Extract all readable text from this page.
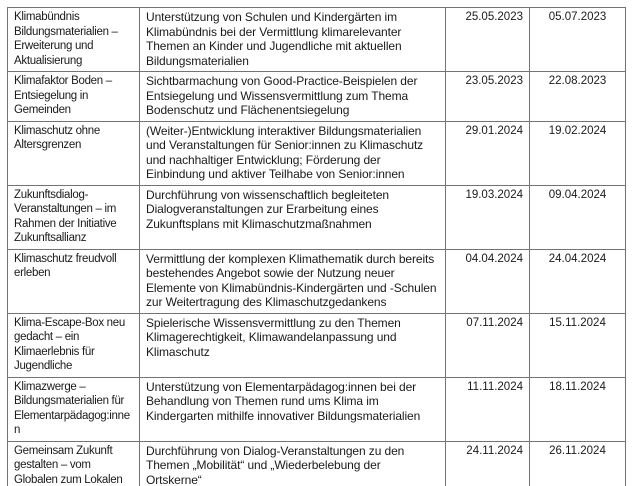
Klimabündnis Bildungsmaterialien – Erweiterung und Aktualisierung	Unterstützung von Schulen und Kindergärten im Klimabündnis bei der Vermittlung klimarelevanter Themen an Kinder und Jugendliche mit aktuellen Bildungsmaterialien	25.05.2023	05.07.2023
Klimafaktor Boden – Entsiegelung in Gemeinden	Sichtbarmachung von Good-Practice-Beispielen der Entsiegelung und Wissensvermittlung zum Thema Bodenschutz und Flächenentsiegelung	23.05.2023	22.08.2023
Klimaschutz ohne Altersgrenzen	(Weiter-)Entwicklung interaktiver Bildungsmaterialien und Veranstaltungen für Senior:innen zu Klimaschutz und nachhaltiger Entwicklung; Förderung der Einbindung und aktiver Teilhabe von Senior:innen	29.01.2024	19.02.2024
Zukunftsdialog-Veranstaltungen – im Rahmen der Initiative Zukunftsallianz	Durchführung von wissenschaftlich begleiteten Dialogveranstaltungen zur Erarbeitung eines Zukunftsplans mit Klimaschutzmaßnahmen	19.03.2024	09.04.2024
Klimaschutz freudvoll erleben	Vermittlung der komplexen Klimathematik durch bereits bestehendes Angebot sowie der Nutzung neuer Elemente von Klimabündnis-Kindergärten und -Schulen zur Weitertragung des Klimaschutzgedankens	04.04.2024	24.04.2024
Klima-Escape-Box neu gedacht – ein Klimaerlebnis für Jugendliche	Spielerische Wissensvermittlung zu den Themen Klimagerechtigkeit, Klimawandelanpassung und Klimaschutz	07.11.2024	15.11.2024
Klimazwerge – Bildungsmaterialien für Elementarpädagog:innen	Unterstützung von Elementarpädagog:innen bei der Behandlung von Themen rund ums Klima im Kindergarten mithilfe innovativer Bildungsmaterialien	11.11.2024	18.11.2024
Gemeinsam Zukunft gestalten – vom Globalen zum Lokalen	Durchführung von Dialog-Veranstaltungen zu den Themen „Mobilität“ und „Wiederbelebung der Ortskerne“	24.11.2024	26.11.2024
